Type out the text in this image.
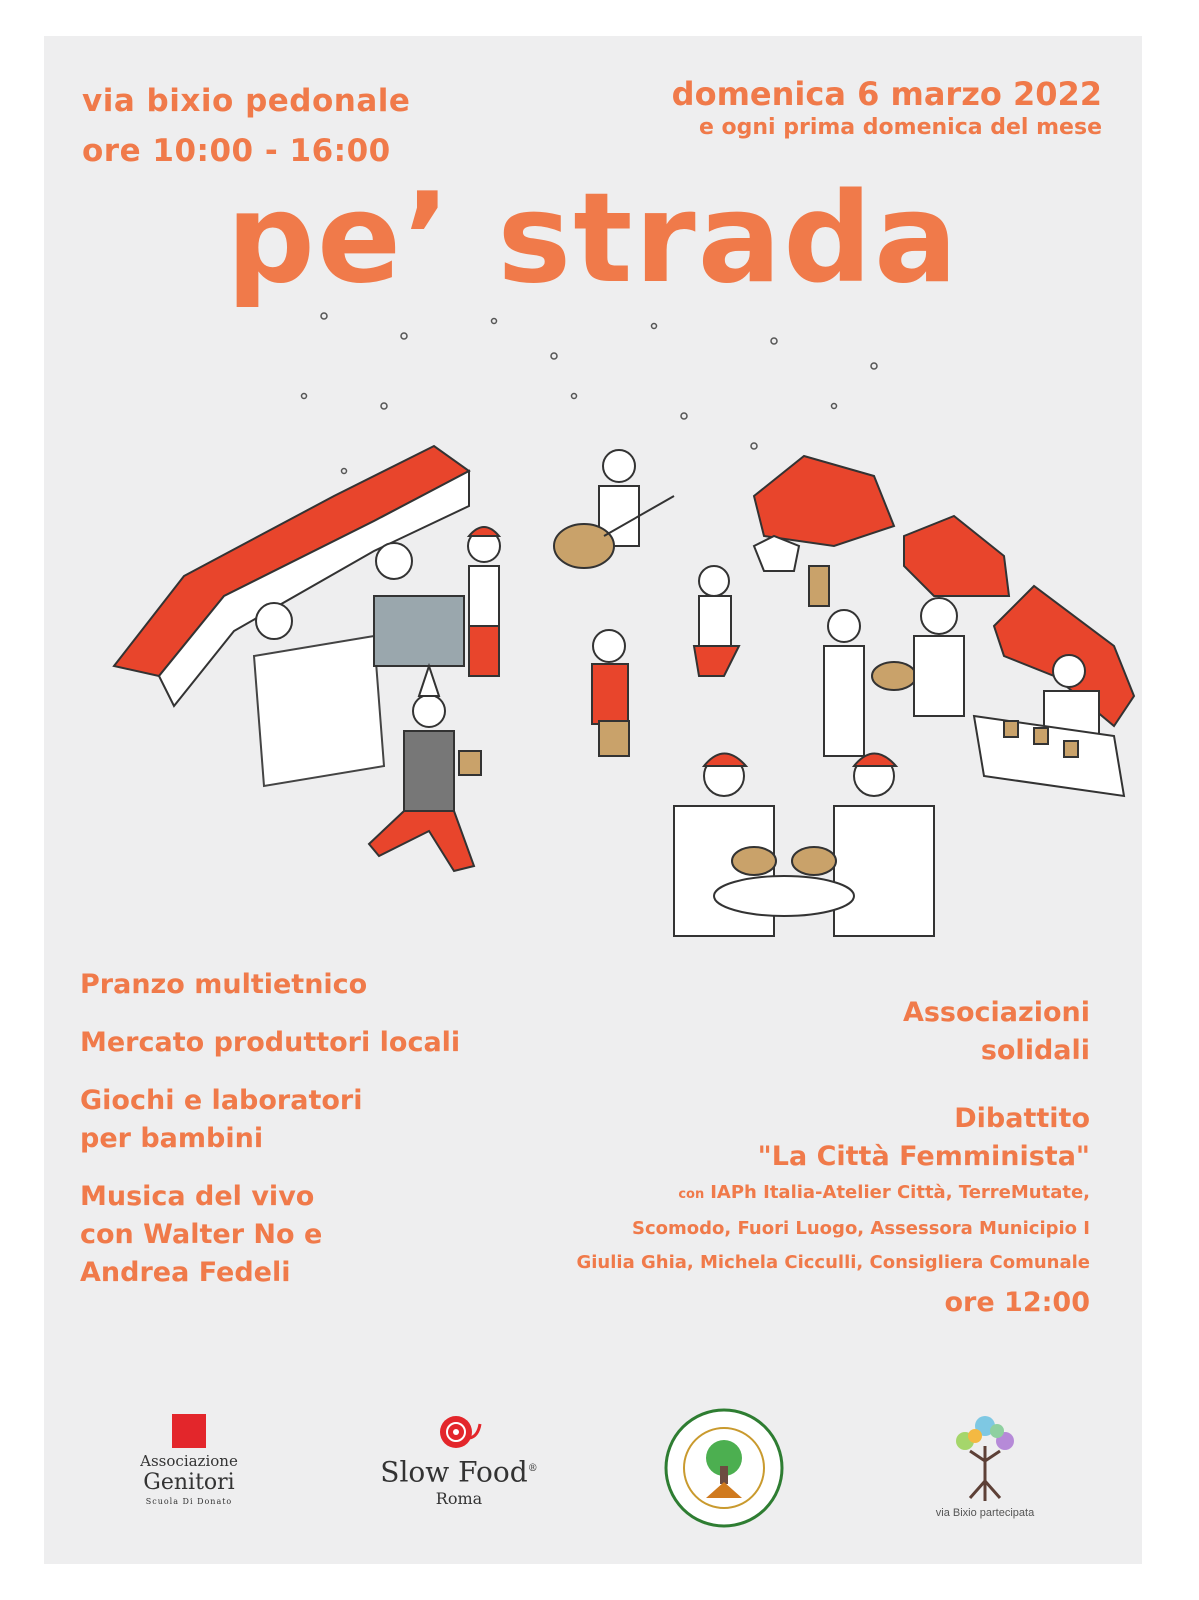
via bixio pedonale
ore 10:00 - 16:00
domenica 6 marzo 2022
e ogni prima domenica del mese
pe’ strada
Pranzo multietnico
Mercato produttori locali
Giochi e laboratori
per bambini
Musica del vivo
con Walter No e
Andrea Fedeli
Associazioni
solidali
Dibattito
"La Città Femminista"
con IAPh Italia-Atelier Città, TerreMutate,
Scomodo, Fuori Luogo, Assessora Municipio I
Giulia Ghia, Michela Cicculli, Consigliera Comunale
ore 12:00
Associazione
Genitori
Scuola Di Donato
Slow Food®
Roma
via Bixio partecipata
